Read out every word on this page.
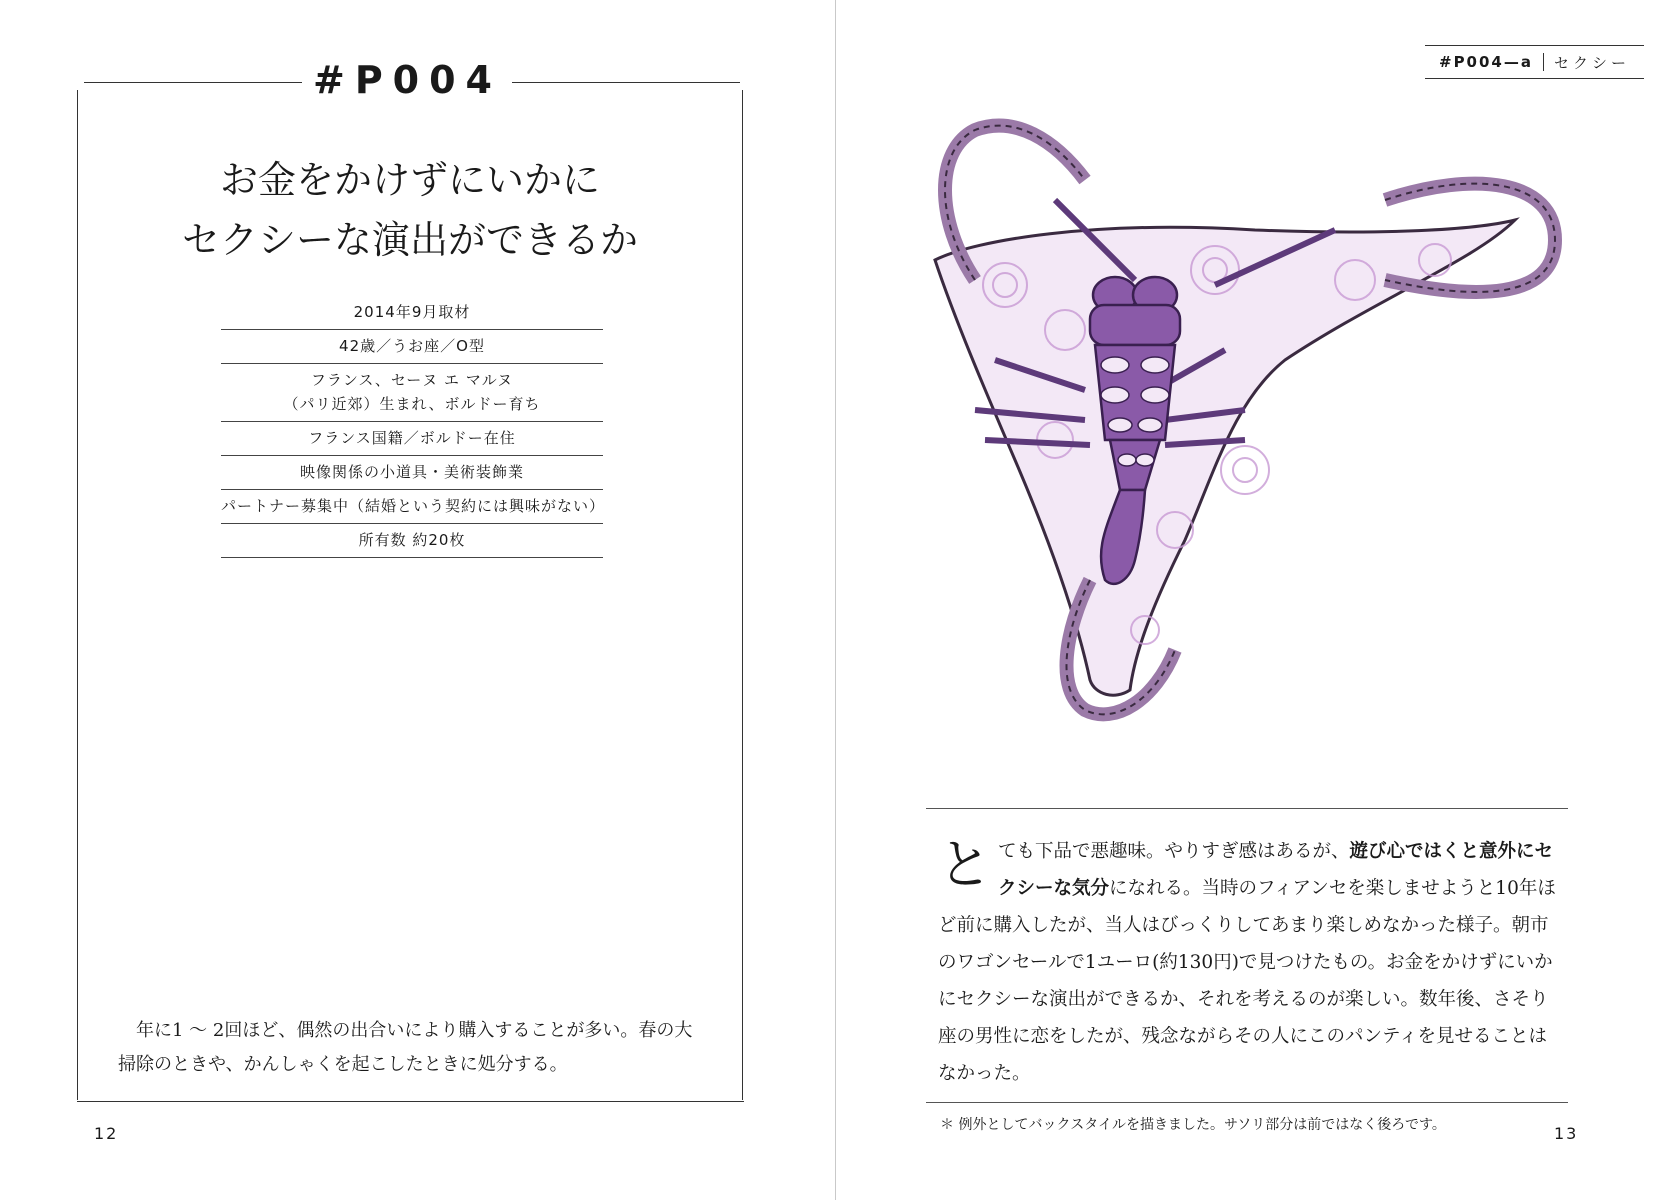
#P004
お金をかけずにいかに
セクシーな演出ができるか
2014年9月取材
42歳／うお座／O型
フランス、セーヌ エ マルヌ
（パリ近郊）生まれ、ボルドー育ち
フランス国籍／ボルドー在住
映像関係の小道具・美術装飾業
パートナー募集中（結婚という契約には興味がない）
所有数 約20枚
　年に1 ～ 2回ほど、偶然の出合いにより購入することが多い。春の大掃除のときや、かんしゃくを起こしたときに処分する。
12
#P004—a	セクシー
とても下品で悪趣味。やりすぎ感はあるが、遊び心ではくと意外にセクシーな気分になれる。当時のフィアンセを楽しませようと10年ほど前に購入したが、当人はびっくりしてあまり楽しめなかった様子。朝市のワゴンセールで1ユーロ(約130円)で見つけたもの。お金をかけずにいかにセクシーな演出ができるか、それを考えるのが楽しい。数年後、さそり座の男性に恋をしたが、残念ながらその人にこのパンティを見せることはなかった。
＊ 例外としてバックスタイルを描きました。サソリ部分は前ではなく後ろです。	13
